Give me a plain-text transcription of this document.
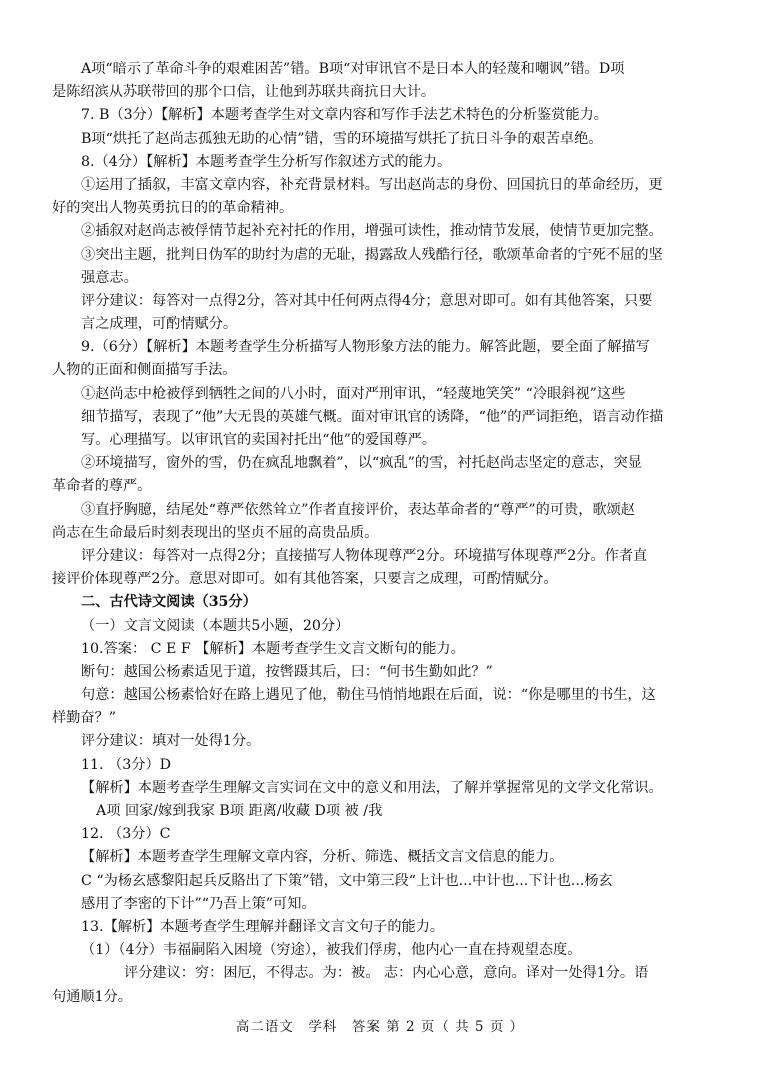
A项“暗示了革命斗争的艰难困苦”错。B项“对审讯官不是日本人的轻蔑和嘲讽”错。D项
是陈绍滨从苏联带回的那个口信，让他到苏联共商抗日大计。
7. B（3分）【解析】本题考查学生对文章内容和写作手法艺术特色的分析鉴赏能力。
B项“烘托了赵尚志孤独无助的心情”错，雪的环境描写烘托了抗日斗争的艰苦卓绝。
8.（4分）【解析】本题考查学生分析写作叙述方式的能力。
①运用了插叙，丰富文章内容，补充背景材料。写出赵尚志的身份、回国抗日的革命经历，更
好的突出人物英勇抗日的的革命精神。
②插叙对赵尚志被俘情节起补充衬托的作用，增强可读性，推动情节发展，使情节更加完整。
③突出主题，批判日伪军的助纣为虐的无耻，揭露敌人残酷行径，歌颂革命者的宁死不屈的坚
强意志。
评分建议：每答对一点得2分，答对其中任何两点得4分；意思对即可。如有其他答案，只要
言之成理，可酌情赋分。
9.（6分）【解析】本题考查学生分析描写人物形象方法的能力。解答此题，要全面了解描写
人物的正面和侧面描写手法。
①赵尚志中枪被俘到牺牲之间的八小时，面对严刑审讯，“轻蔑地笑笑” “冷眼斜视”这些
细节描写，表现了“他”大无畏的英雄气概。面对审讯官的诱降，“他”的严词拒绝，语言动作描
写。心理描写。以审讯官的卖国衬托出“他”的爱国尊严。
②环境描写，窗外的雪，仍在疯乱地飘着”，以“疯乱”的雪，衬托赵尚志坚定的意志，突显
革命者的尊严。
③直抒胸臆，结尾处“尊严依然耸立”作者直接评价，表达革命者的“尊严”的可贵，歌颂赵
尚志在生命最后时刻表现出的坚贞不屈的高贵品质。
评分建议：每答对一点得2分；直接描写人物体现尊严2分。环境描写体现尊严2分。作者直
接评价体现尊严2分。意思对即可。如有其他答案，只要言之成理，可酌情赋分。
二、古代诗文阅读（35分）
（一）文言文阅读（本题共5小题，20分）
10.答案： C E F 【解析】本题考查学生文言文断句的能力。
断句：越国公杨素适见于道，按辔蹑其后，曰：“何书生勤如此？”
句意：越国公杨素恰好在路上遇见了他，勒住马悄悄地跟在后面，说：“你是哪里的书生，这
样勤奋？”
评分建议：填对一处得1分。
11. （3分）D
【解析】本题考查学生理解文言实词在文中的意义和用法，了解并掌握常见的文学文化常识。
A项 回家/嫁到我家 B项 距离/收藏 D项 被 /我
12. （3分）C
【解析】本题考查学生理解文章内容，分析、筛选、概括文言文信息的能力。
C “为杨玄感黎阳起兵反賂出了下策”错，文中第三段“上计也...中计也...下计也...杨玄
感用了李密的下计”“乃吾上策”可知。
13.【解析】本题考查学生理解并翻译文言文句子的能力。
（1）（4分）韦福嗣陷入困境（穷途），被我们俘虏，他内心一直在持观望态度。
评分建议：穷：困厄，不得志。为：被。 志：内心心意，意向。译对一处得1分。语
句通顺1分。
高二语文　学科　答案 第 2 页（ 共 5 页 ）
